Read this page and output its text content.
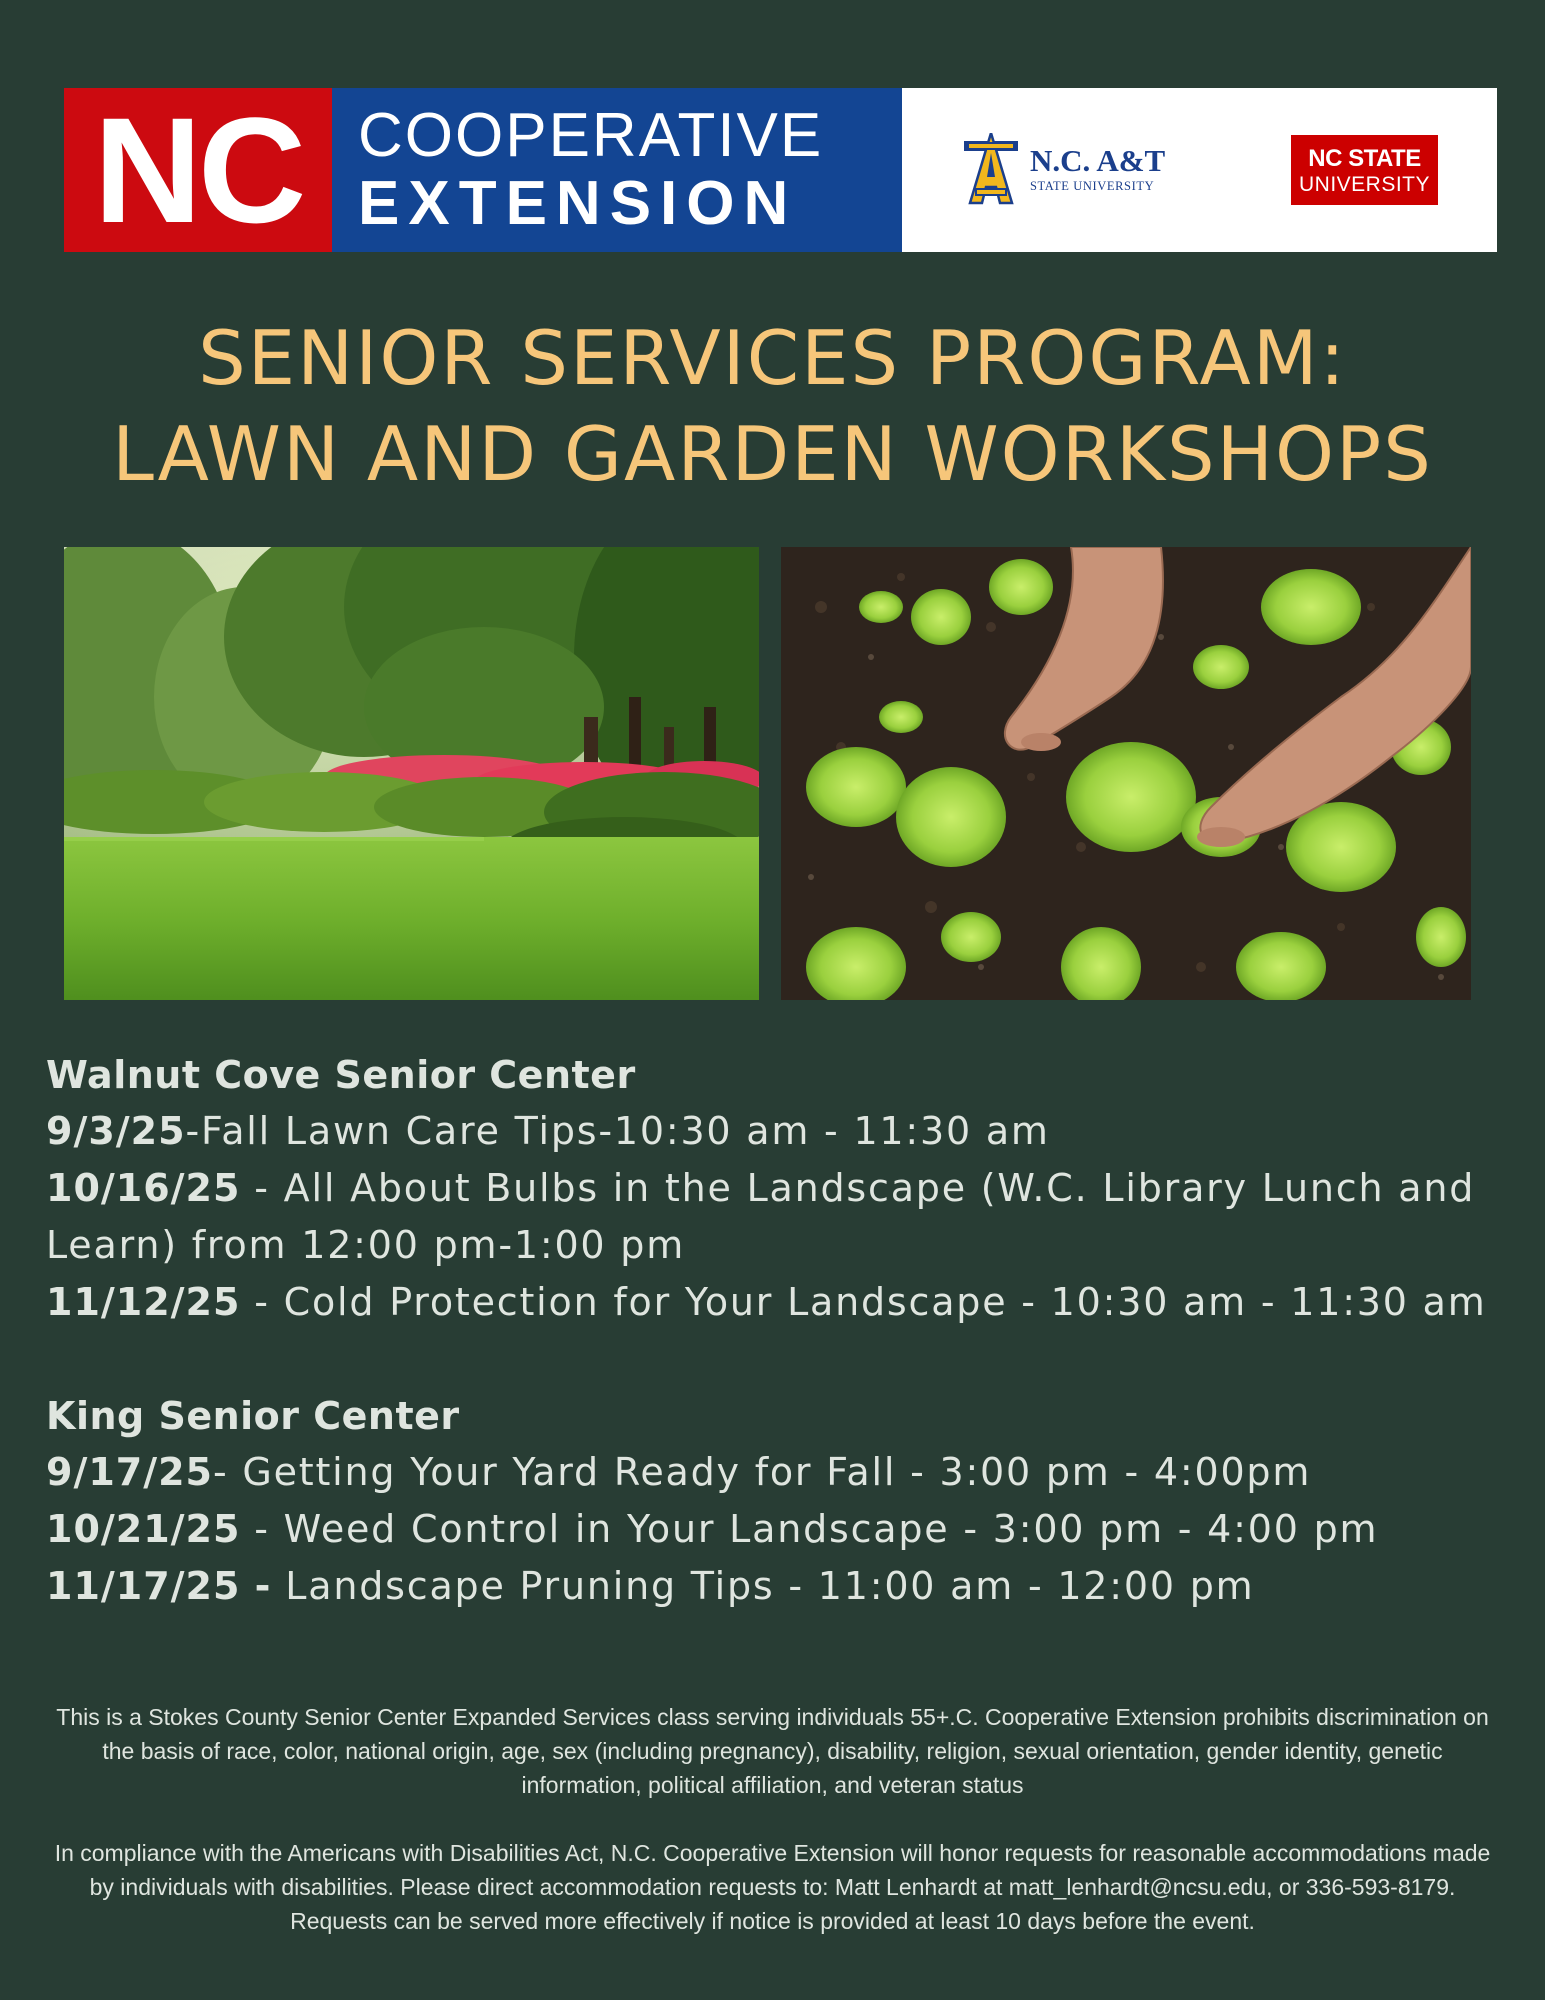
NC COOPERATIVE
EXTENSION
N.C. A&T
STATE UNIVERSITY
NC STATE
UNIVERSITY
SENIOR SERVICES PROGRAM:
LAWN AND GARDEN WORKSHOPS
Walnut Cove Senior Center
9/3/25-Fall Lawn Care Tips-10:30 am - 11:30 am
10/16/25 - All About Bulbs in the Landscape (W.C. Library Lunch and Learn) from 12:00 pm-1:00 pm
11/12/25 - Cold Protection for Your Landscape - 10:30 am - 11:30 am
King Senior Center
9/17/25- Getting Your Yard Ready for Fall - 3:00 pm - 4:00pm
10/21/25 - Weed Control in Your Landscape - 3:00 pm - 4:00 pm
11/17/25 - Landscape Pruning Tips - 11:00 am - 12:00 pm
This is a Stokes County Senior Center Expanded Services class serving individuals 55+.C. Cooperative Extension prohibits discrimination on the basis of race, color, national origin, age, sex (including pregnancy), disability, religion, sexual orientation, gender identity, genetic information, political affiliation, and veteran status
In compliance with the Americans with Disabilities Act, N.C. Cooperative Extension will honor requests for reasonable accommodations made by individuals with disabilities. Please direct accommodation requests to: Matt Lenhardt at matt_lenhardt@ncsu.edu, or 336-593-8179. Requests can be served more effectively if notice is provided at least 10 days before the event.
